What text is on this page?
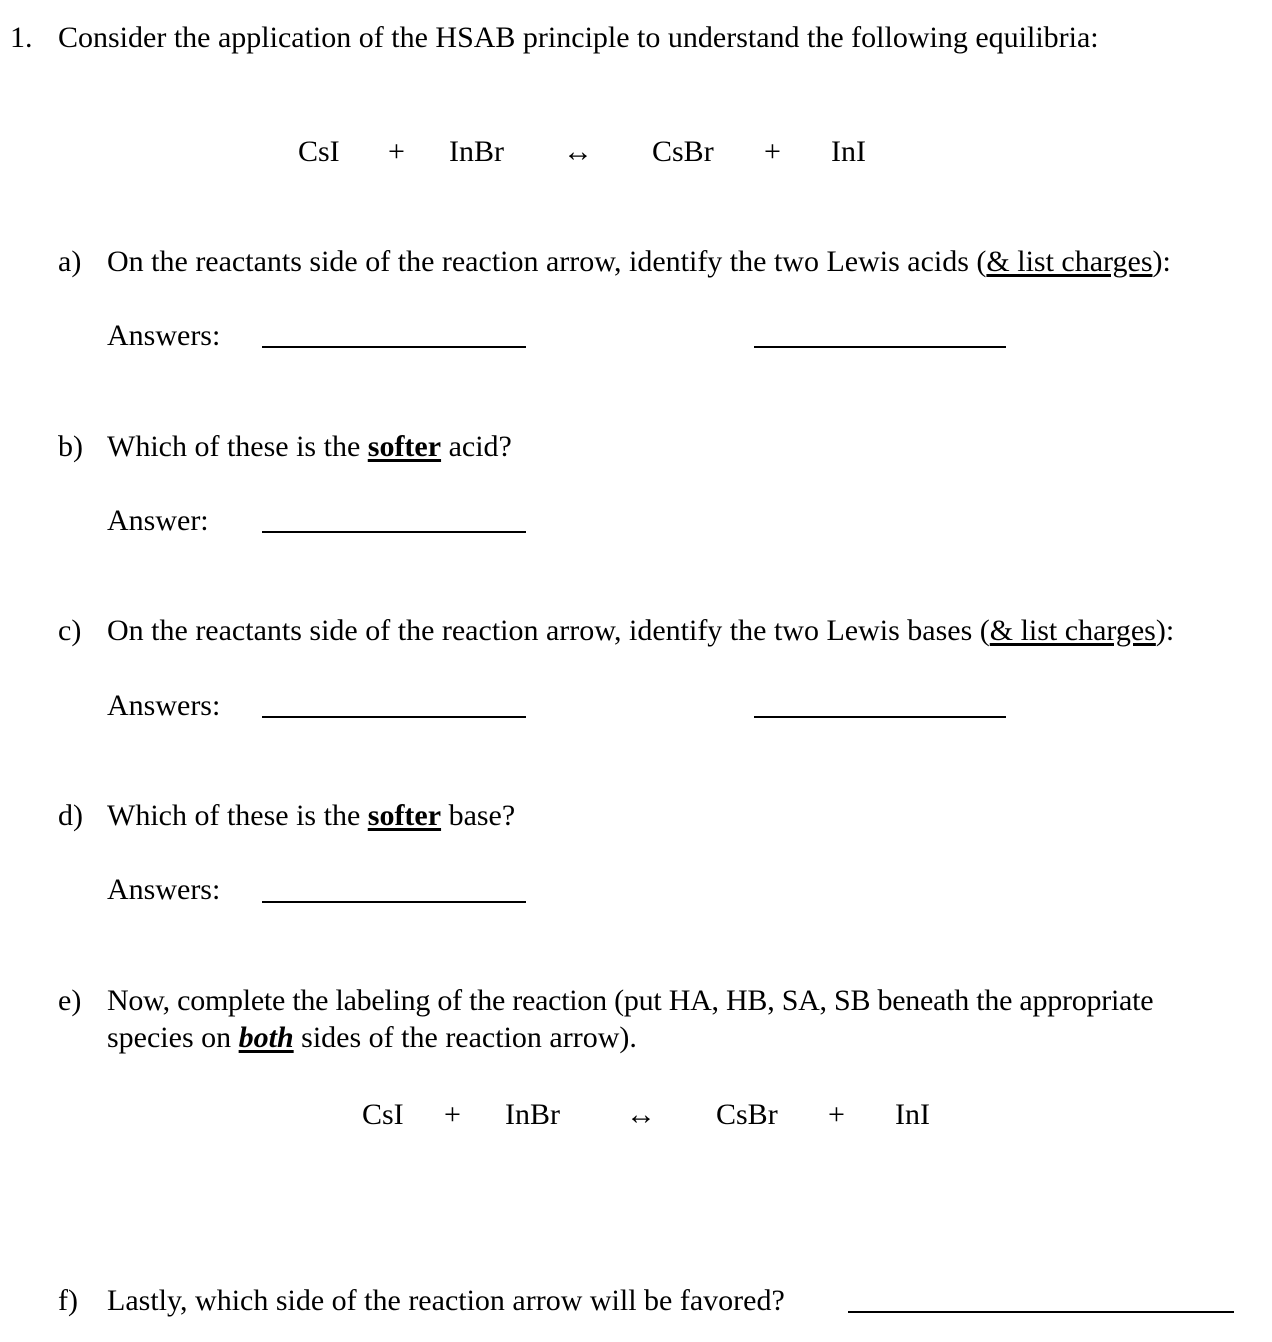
1. Consider the application of the HSAB principle to understand the following equilibria:
CsI + InBr ↔ CsBr + InI
a) On the reactants side of the reaction arrow, identify the two Lewis acids (& list charges):
Answers:
b) Which of these is the softer acid?
Answer:
c) On the reactants side of the reaction arrow, identify the two Lewis bases (& list charges):
Answers:
d) Which of these is the softer base?
Answers:
e) Now, complete the labeling of the reaction (put HA, HB, SA, SB beneath the appropriate
species on both sides of the reaction arrow).
CsI + InBr ↔ CsBr + InI
f) Lastly, which side of the reaction arrow will be favored?
